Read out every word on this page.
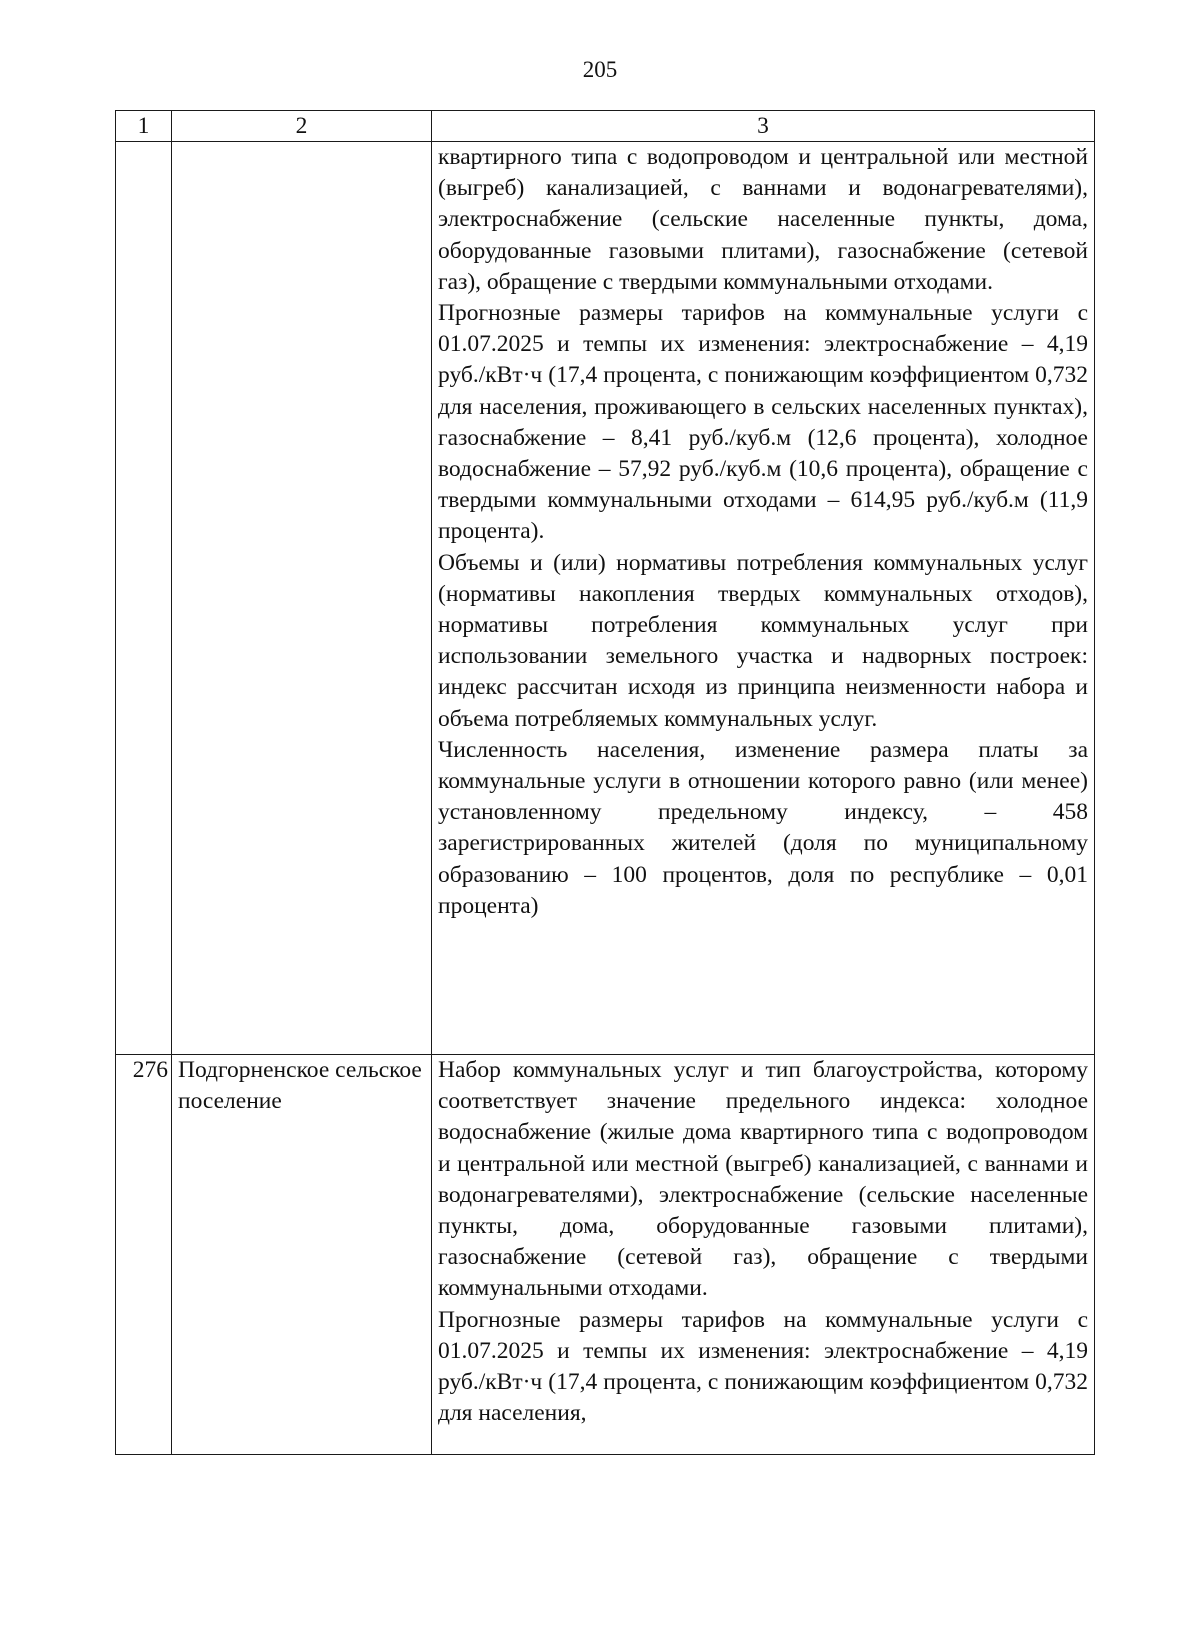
205
1	2	3

		квартирного типа с водопроводом и центральной или местной (выгреб) канализацией, с ваннами и водонагревателями), электроснабжение (сельские населенные пункты, дома, оборудованные газовыми плитами), газоснабжение (сетевой газ), обращение с твердыми коммунальными отходами.

Прогнозные размеры тарифов на коммунальные услуги с 01.07.2025 и темпы их изменения: электроснабжение – 4,19 руб./кВт·ч (17,4 процента, с понижающим коэффициентом 0,732 для населения, проживающего в сельских населенных пунктах), газоснабжение – 8,41 руб./куб.м (12,6 процента), холодное водоснабжение – 57,92 руб./куб.м (10,6 процента), обращение с твердыми коммунальными отходами – 614,95 руб./куб.м (11,9 процента).

Объемы и (или) нормативы потребления коммунальных услуг (нормативы накопления твердых коммунальных отходов), нормативы потребления коммунальных услуг при использовании земельного участка и надворных построек: индекс рассчитан исходя из принципа неизменности набора и объема потребляемых коммунальных услуг.

Численность населения, изменение размера платы за коммунальные услуги в отношении которого равно (или менее) установленному предельному индексу, – 458 зарегистрированных жителей (доля по муниципальному образованию – 100 процентов, доля по республике – 0,01 процента)

276	Подгорненское сельское поселение	Набор коммунальных услуг и тип благоустройства, которому соответствует значение предельного индекса: холодное водоснабжение (жилые дома квартирного типа с водопроводом и центральной или местной (выгреб) канализацией, с ваннами и водонагревателями), электроснабжение (сельские населенные пункты, дома, оборудованные газовыми плитами), газоснабжение (сетевой газ), обращение с твердыми коммунальными отходами.

Прогнозные размеры тарифов на коммунальные услуги с 01.07.2025 и темпы их изменения: электроснабжение – 4,19 руб./кВт·ч (17,4 процента, с понижающим коэффициентом 0,732 для населения,
